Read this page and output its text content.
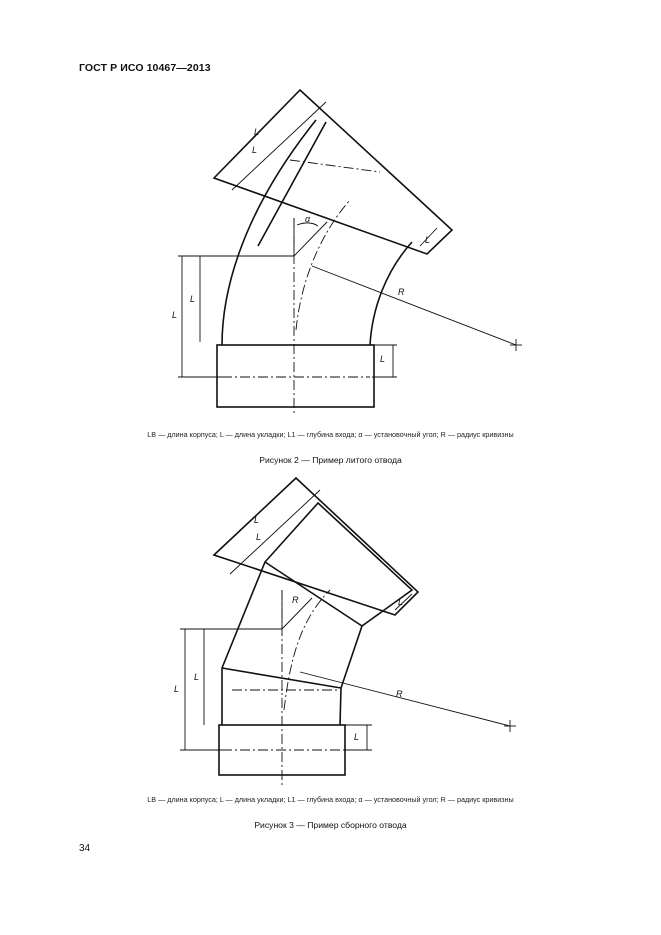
ГОСТ Р ИСО 10467—2013
L
L
α
L
R
L
L
L
LB — длина корпуса; L — длина укладки; L1 — глубина входа; α — установочный угол; R — радиус кривизны
Рисунок 2 — Пример литого отвода
L
L
R	L
R
L
L
L
LB — длина корпуса; L — длина укладки; L1 — глубина входа; α — установочный угол; R — радиус кривизны
Рисунок 3 — Пример сборного отвода
34
